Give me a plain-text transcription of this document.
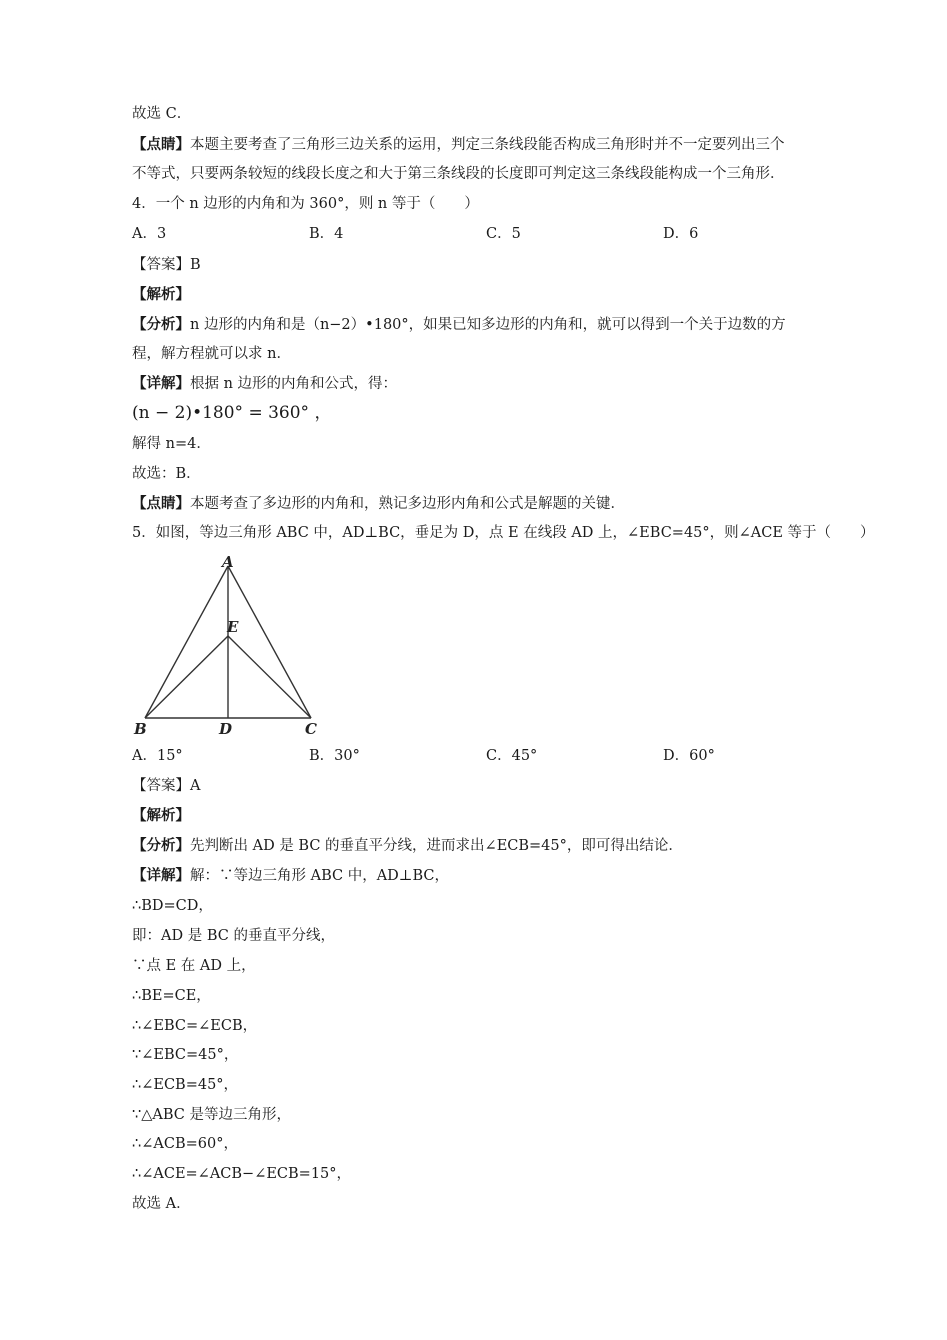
故选 C．
【点睛】本题主要考查了三角形三边关系的运用，判定三条线段能否构成三角形时并不一定要列出三个
不等式，只要两条较短的线段长度之和大于第三条线段的长度即可判定这三条线段能构成一个三角形．
4．一个 n 边形的内角和为 360°，则 n 等于（　　）
A．3	B．4	C．5	D．6
【答案】B
【解析】
【分析】n 边形的内角和是（n−2）•180°，如果已知多边形的内角和，就可以得到一个关于边数的方
程，解方程就可以求 n．
【详解】根据 n 边形的内角和公式，得：
(n − 2)•180° = 360° ，
解得 n=4．
故选：B．
【点睛】本题考查了多边形的内角和，熟记多边形内角和公式是解题的关键．
5．如图，等边三角形 ABC 中，AD⊥BC，垂足为 D，点 E 在线段 AD 上，∠EBC=45°，则∠ACE 等于（　　）
A
E
B	D	C
A．15°	B．30°	C．45°	D．60°
【答案】A
【解析】
【分析】先判断出 AD 是 BC 的垂直平分线，进而求出∠ECB=45°，即可得出结论．
【详解】解：∵等边三角形 ABC 中，AD⊥BC，
∴BD=CD，
即：AD 是 BC 的垂直平分线，
∵点 E 在 AD 上，
∴BE=CE，
∴∠EBC=∠ECB，
∵∠EBC=45°，
∴∠ECB=45°，
∵△ABC 是等边三角形，
∴∠ACB=60°，
∴∠ACE=∠ACB−∠ECB=15°，
故选 A．
